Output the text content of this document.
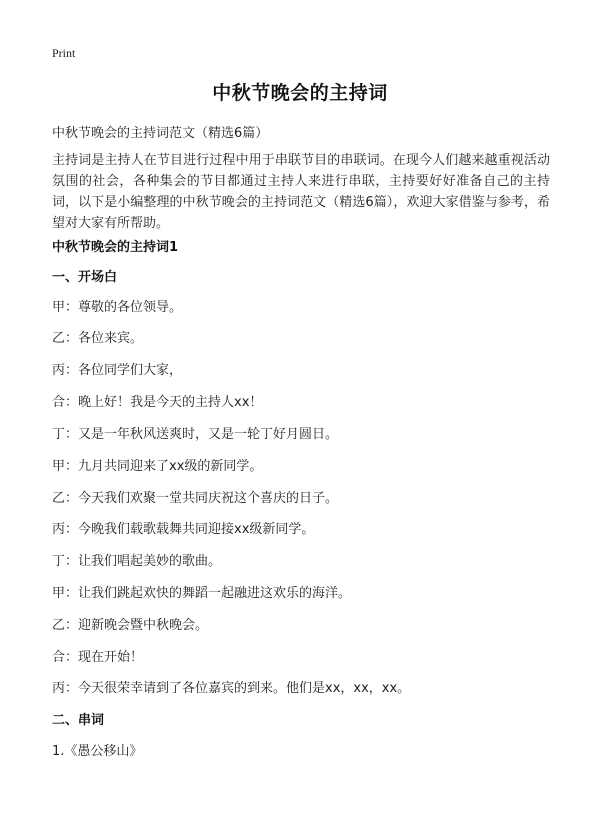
Print
中秋节晚会的主持词
中秋节晚会的主持词范文（精选6篇）
主持词是主持人在节目进行过程中用于串联节目的串联词。在现今人们越来越重视活动氛围的社会，各种集会的节目都通过主持人来进行串联，主持要好好准备自己的主持词，以下是小编整理的中秋节晚会的主持词范文（精选6篇），欢迎大家借鉴与参考，希望对大家有所帮助。
中秋节晚会的主持词1
一、开场白
甲：尊敬的各位领导。
乙：各位来宾。
丙：各位同学们大家，
合：晚上好！我是今天的主持人xx！
丁：又是一年秋风送爽时，又是一轮丁好月圆日。
甲：九月共同迎来了xx级的新同学。
乙：今天我们欢聚一堂共同庆祝这个喜庆的日子。
丙：今晚我们载歌载舞共同迎接xx级新同学。
丁：让我们唱起美妙的歌曲。
甲：让我们跳起欢快的舞蹈一起融进这欢乐的海洋。
乙：迎新晚会暨中秋晚会。
合：现在开始！
丙：今天很荣幸请到了各位嘉宾的到来。他们是xx，xx，xx。
二、串词
1.《愚公移山》
